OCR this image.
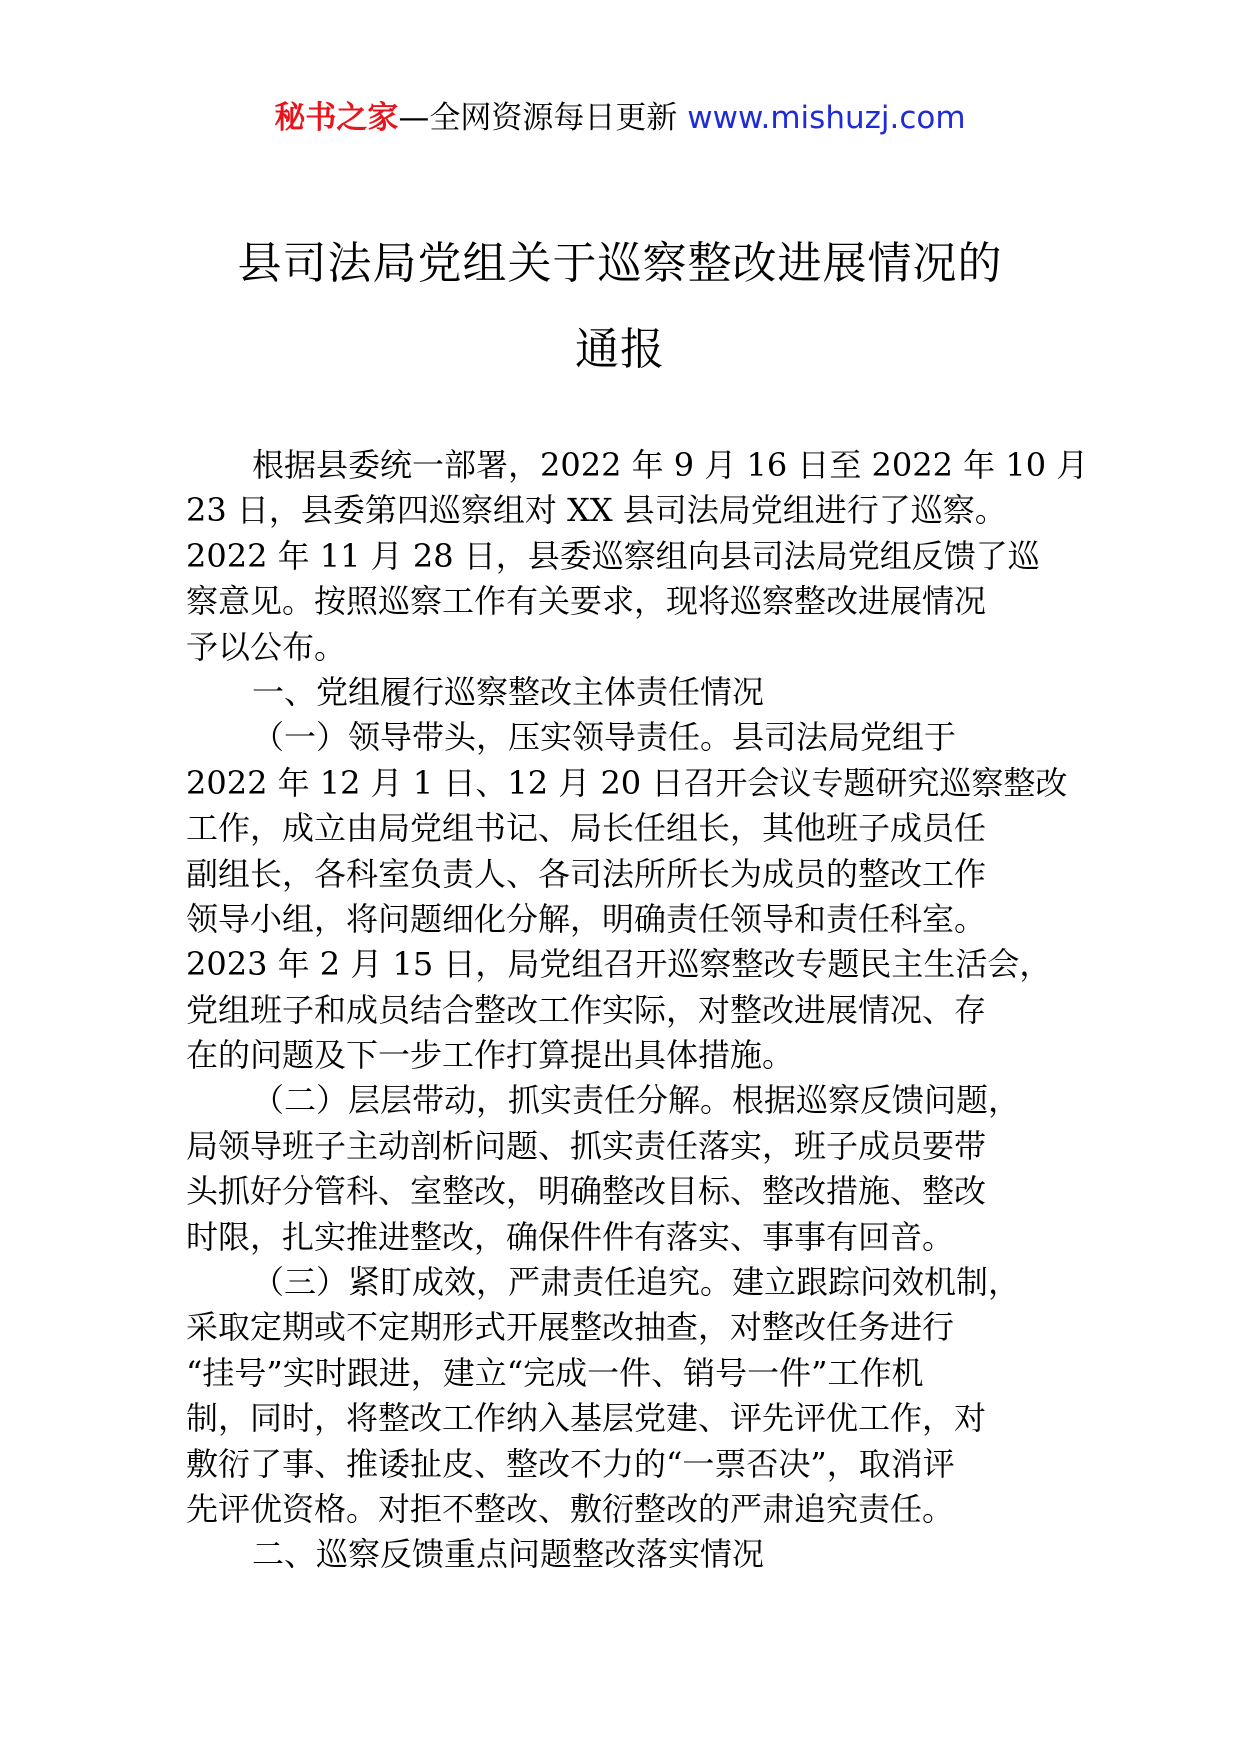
秘书之家—全网资源每日更新 www.mishuzj.com
县司法局党组关于巡察整改进展情况的
通报
根据县委统一部署，2022 年 9 月 16 日至 2022 年 10 月
23 日，县委第四巡察组对 XX 县司法局党组进行了巡察。
2022 年 11 月 28 日，县委巡察组向县司法局党组反馈了巡
察意见。按照巡察工作有关要求，现将巡察整改进展情况
予以公布。
一、党组履行巡察整改主体责任情况
（一）领导带头，压实领导责任。县司法局党组于
2022 年 12 月 1 日、12 月 20 日召开会议专题研究巡察整改
工作，成立由局党组书记、局长任组长，其他班子成员任
副组长，各科室负责人、各司法所所长为成员的整改工作
领导小组，将问题细化分解，明确责任领导和责任科室。
2023 年 2 月 15 日，局党组召开巡察整改专题民主生活会，
党组班子和成员结合整改工作实际，对整改进展情况、存
在的问题及下一步工作打算提出具体措施。
（二）层层带动，抓实责任分解。根据巡察反馈问题，
局领导班子主动剖析问题、抓实责任落实，班子成员要带
头抓好分管科、室整改，明确整改目标、整改措施、整改
时限，扎实推进整改，确保件件有落实、事事有回音。
（三）紧盯成效，严肃责任追究。建立跟踪问效机制，
采取定期或不定期形式开展整改抽查，对整改任务进行
“挂号”实时跟进，建立“完成一件、销号一件”工作机
制，同时，将整改工作纳入基层党建、评先评优工作，对
敷衍了事、推诿扯皮、整改不力的“一票否决”，取消评
先评优资格。对拒不整改、敷衍整改的严肃追究责任。
二、巡察反馈重点问题整改落实情况
